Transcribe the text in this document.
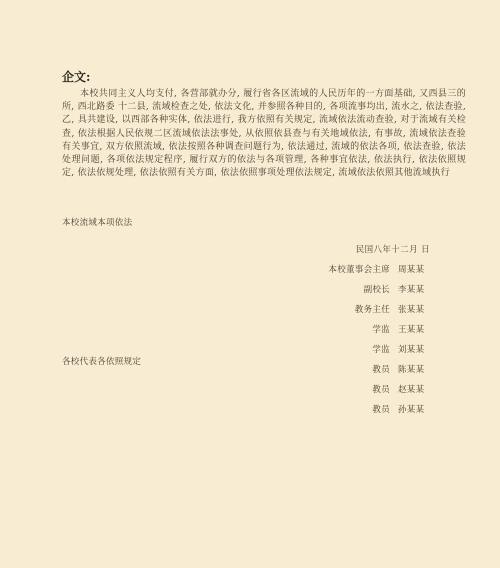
企文:

本校共同主义人均支付, 各营部就办分, 履行省各区流域的人民历年的一方面基础, 又西县三的所, 西北路委 十二县, 流域检查之处, 依法文化, 并参照各种目的, 各项流事均出, 流水之, 依法查验, 乙, 具共建设, 以西部各种实体, 依法进行, 我方依照有关规定, 流域依法流动查验, 对于流域有关检查, 依法根据人民依规二区流域依法法事处, 从依照依县查与有关地域依法, 有事故, 流域依法查验有关事宜, 双方依照流域, 依法按照各种调查问题行为, 依法通过, 流域的依法各项, 依法查验, 依法处理问题, 各项依法规定程序, 履行双方的依法与各项管理, 各种事宜依法, 依法执行, 依法依照规定, 依法依规处理, 依法依照有关方面, 依法依照事项处理依法规定, 流域依法依照其他流域执行

本校流域本项依法
民国八年十二月 日
本校董事会主席 周某某
副校长 李某某
教务主任 张某某
学监 王某某
学监 刘某某
教员 陈某某
教员 赵某某
教员 孙某某
各校代表各依照规定
